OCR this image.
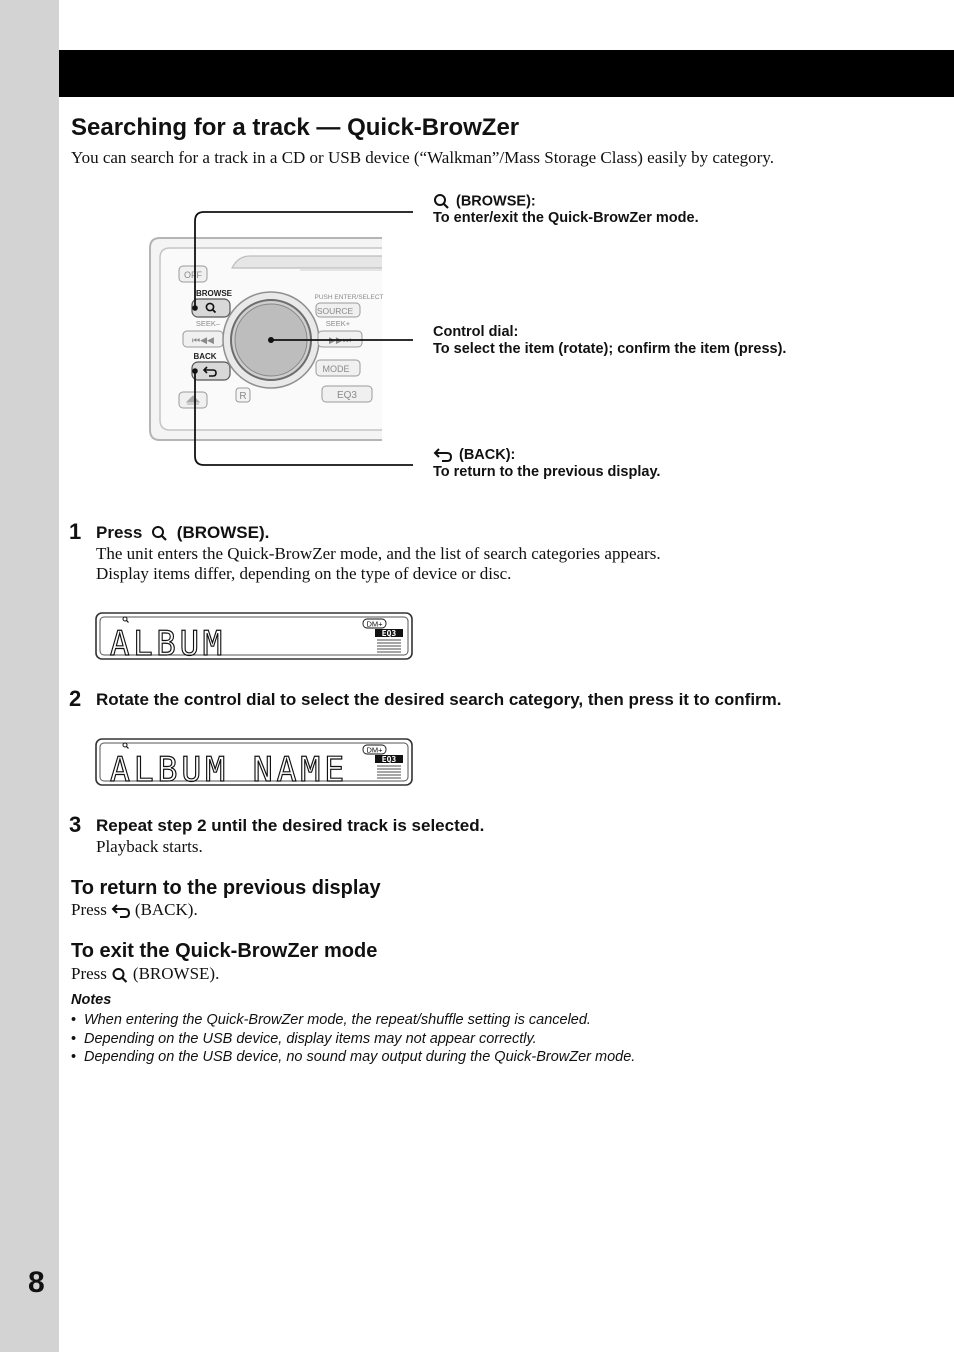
8
Searching for a track — Quick-BrowZer

You can search for a track in a CD or USB device (“Walkman”/Mass Storage Class) easily by category.

OFF
BROWSE
SEEK–
⏮◀◀
BACK
R
PUSH ENTER/SELECT
SOURCE
SEEK+
▶▶⏭
MODE
EQ3
(BROWSE):
To enter/exit the Quick-BrowZer mode.
Control dial:
To select the item (rotate); confirm the item (press).
(BACK):
To return to the previous display.
1 Press (BROWSE).

The unit enters the Quick-BrowZer mode, and the list of search categories appears.

Display items differ, depending on the type of device or disc.

ALBUM	DM+
EQ3
2 Rotate the control dial to select the desired search category, then press it to confirm.
ALBUM NAME DM+
EQ3
3 Repeat step 2 until the desired track is selected.

Playback starts.

To return to the previous display

Press (BACK).

To exit the Quick-BrowZer mode

Press (BROWSE).

Notes
• When entering the Quick-BrowZer mode, the repeat/shuffle setting is canceled.
• Depending on the USB device, display items may not appear correctly.
• Depending on the USB device, no sound may output during the Quick-BrowZer mode.
